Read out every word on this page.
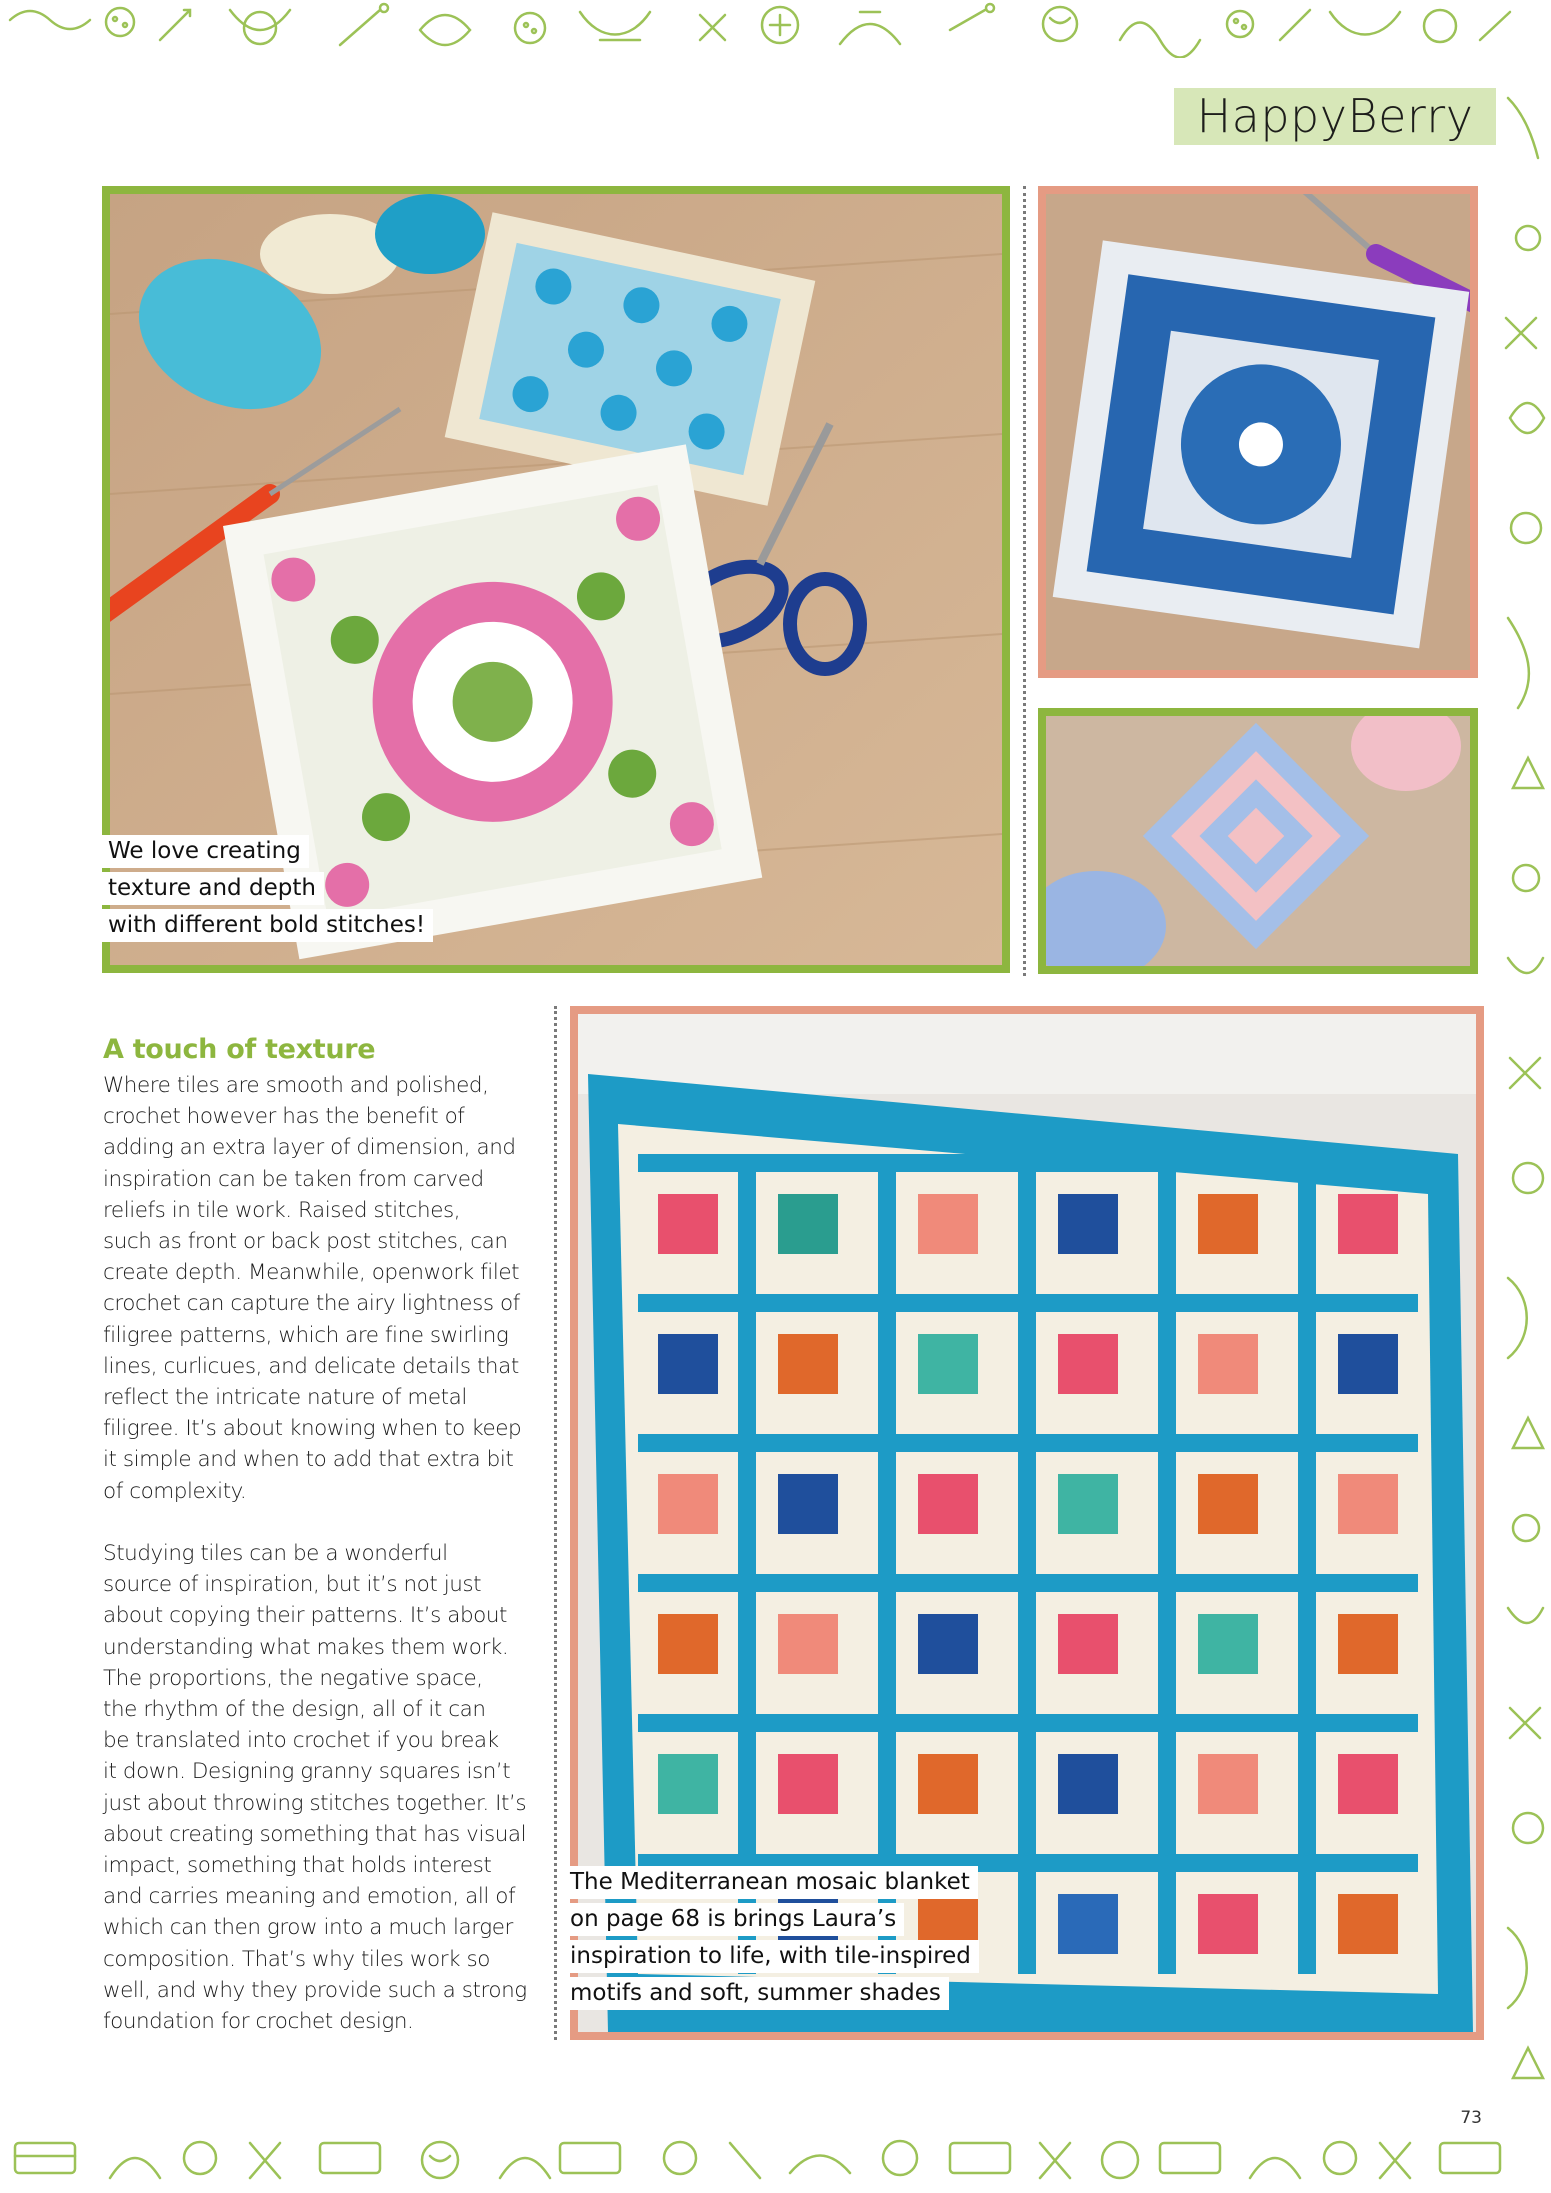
HappyBerry
We love creating
texture and depth
with different bold stitches!
A touch of texture

Where tiles are smooth and polished,
crochet however has the benefit of
adding an extra layer of dimension, and
inspiration can be taken from carved
reliefs in tile work. Raised stitches,
such as front or back post stitches, can
create depth. Meanwhile, openwork filet
crochet can capture the airy lightness of
filigree patterns, which are fine swirling
lines, curlicues, and delicate details that
reflect the intricate nature of metal
filigree. It’s about knowing when to keep
it simple and when to add that extra bit
of complexity.

Studying tiles can be a wonderful
source of inspiration, but it’s not just
about copying their patterns. It’s about
understanding what makes them work.
The proportions, the negative space,
the rhythm of the design, all of it can
be translated into crochet if you break
it down. Designing granny squares isn’t
just about throwing stitches together. It’s
about creating something that has visual
impact, something that holds interest
and carries meaning and emotion, all of
which can then grow into a much larger
composition. That’s why tiles work so
well, and why they provide such a strong
foundation for crochet design.

The Mediterranean mosaic blanket
on page 68 is brings Laura’s
inspiration to life, with tile-inspired
motifs and soft, summer shades
73
